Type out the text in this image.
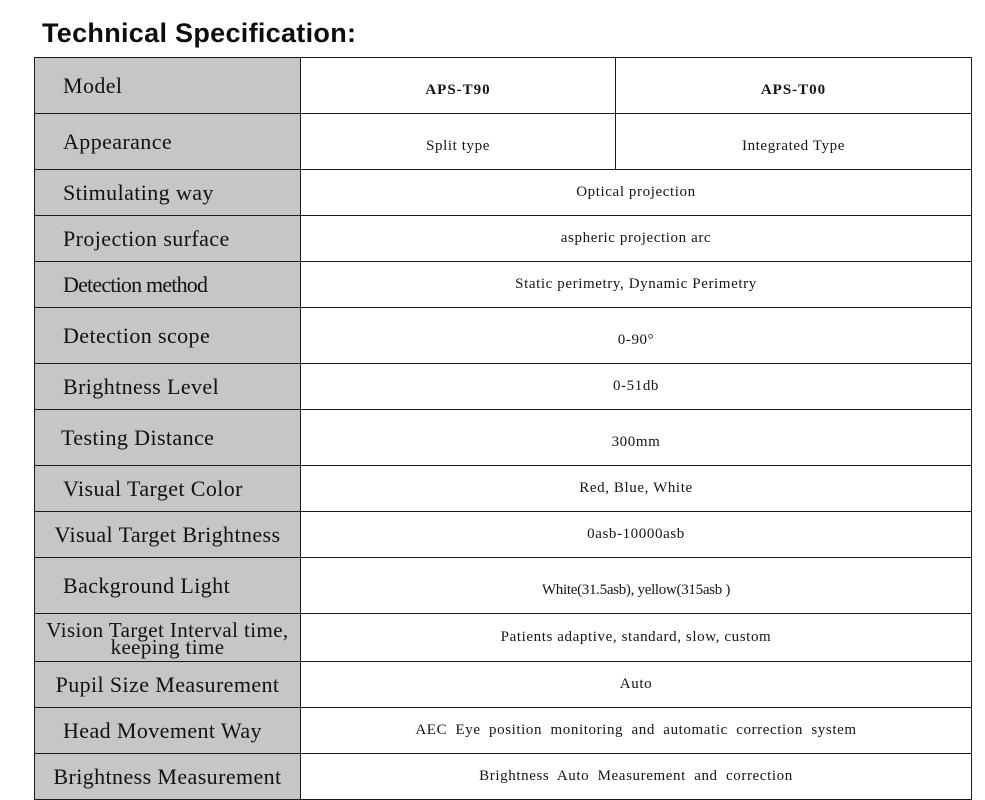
Technical Specification:
Model	APS-T90	APS-T00
Appearance	Split type	Integrated Type
Stimulating way	Optical projection	
Projection surface	aspheric projection arc	
Detection method	Static perimetry, Dynamic Perimetry	
Detection scope	0-90°	
Brightness Level	0-51db	
Testing Distance	300mm	
Visual Target Color	Red, Blue, White	
Visual Target Brightness	0asb-10000asb	
Background Light	White(31.5asb), yellow(315asb )	

Vision Target Interval time,
keeping time	Patients adaptive, standard, slow, custom	
Pupil Size Measurement	Auto	
Head Movement Way	AEC Eye position monitoring and automatic correction system	
Brightness Measurement	Brightness Auto Measurement and correction	
